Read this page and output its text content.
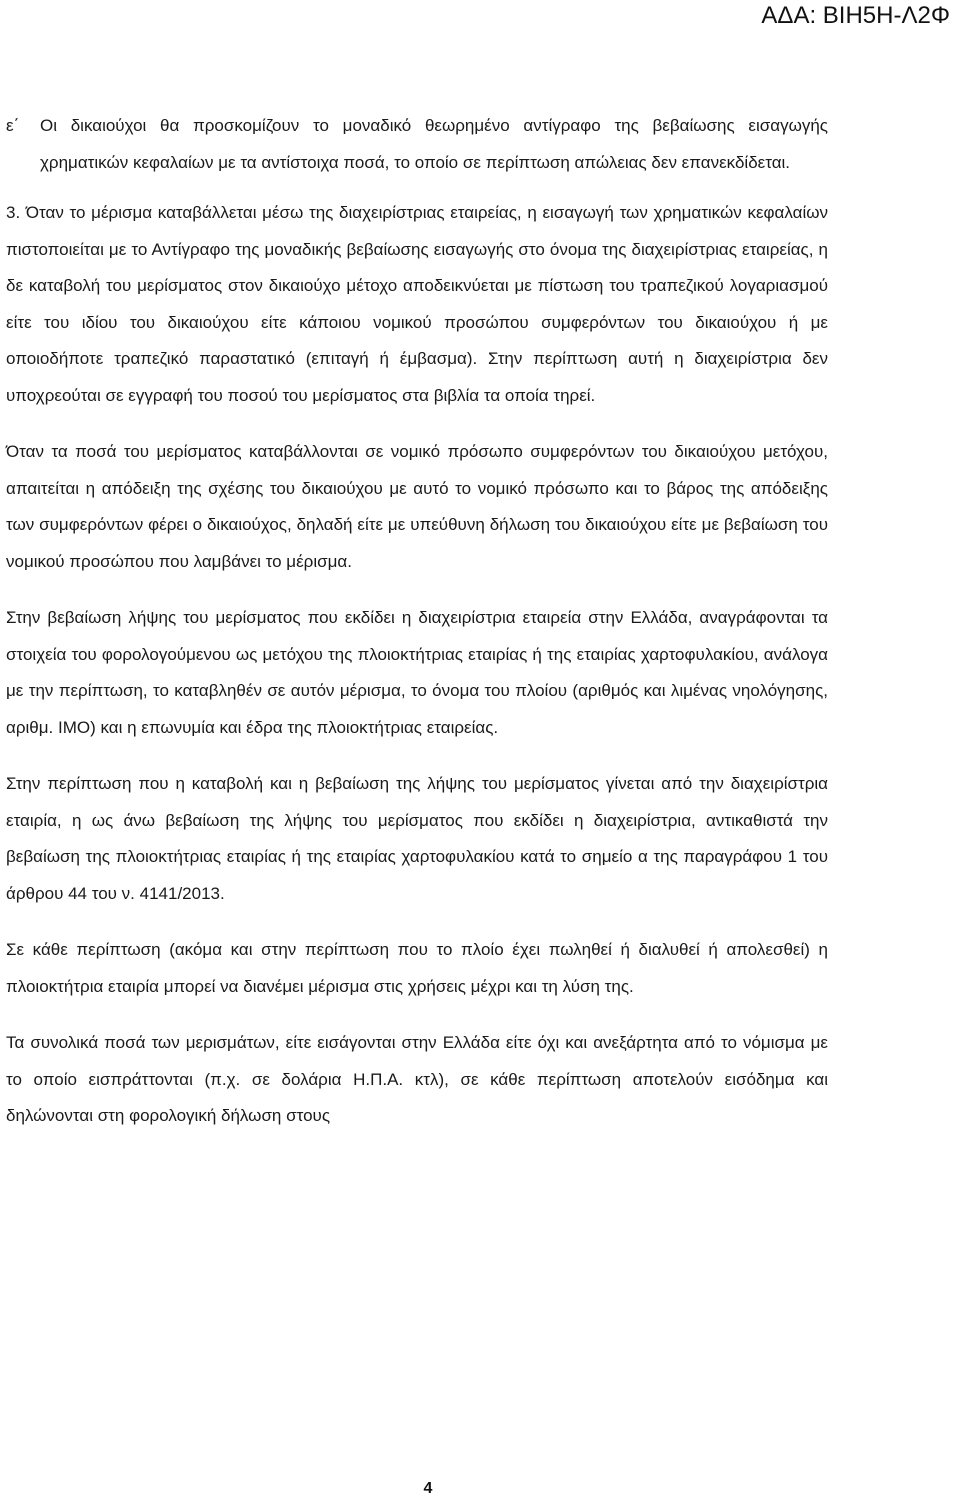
ΑΔΑ: ΒΙΗ5Η-Λ2Φ
ε΄	Οι δικαιούχοι θα προσκομίζουν το μοναδικό θεωρημένο αντίγραφο της βεβαίωσης εισαγωγής χρηματικών κεφαλαίων με τα αντίστοιχα ποσά, το οποίο σε περίπτωση απώλειας δεν επανεκδίδεται.

3. Όταν το μέρισμα καταβάλλεται μέσω της διαχειρίστριας εταιρείας, η εισαγωγή των χρηματικών κεφαλαίων πιστοποιείται με το Αντίγραφο της μοναδικής βεβαίωσης εισαγωγής στο όνομα της διαχειρίστριας εταιρείας, η δε καταβολή του μερίσματος στον δικαιούχο μέτοχο αποδεικνύεται με πίστωση του τραπεζικού λογαριασμού είτε του ιδίου του δικαιούχου είτε κάποιου νομικού προσώπου συμφερόντων του δικαιούχου ή με οποιοδήποτε τραπεζικό παραστατικό (επιταγή ή έμβασμα). Στην περίπτωση αυτή η διαχειρίστρια δεν υποχρεούται σε εγγραφή του ποσού του μερίσματος στα βιβλία τα οποία τηρεί.

Όταν τα ποσά του μερίσματος καταβάλλονται σε νομικό πρόσωπο συμφερόντων του δικαιούχου μετόχου, απαιτείται η απόδειξη της σχέσης του δικαιούχου με αυτό το νομικό πρόσωπο και το βάρος της απόδειξης των συμφερόντων φέρει ο δικαιούχος, δηλαδή είτε με υπεύθυνη δήλωση του δικαιούχου είτε με βεβαίωση του νομικού προσώπου που λαμβάνει το μέρισμα.

Στην βεβαίωση λήψης του μερίσματος που εκδίδει η διαχειρίστρια εταιρεία στην Ελλάδα, αναγράφονται τα στοιχεία του φορολογούμενου ως μετόχου της πλοιοκτήτριας εταιρίας ή της εταιρίας χαρτοφυλακίου, ανάλογα με την περίπτωση, το καταβληθέν σε αυτόν μέρισμα, το όνομα του πλοίου (αριθμός και λιμένας νηολόγησης, αριθμ. IMO) και η επωνυμία και έδρα της πλοιοκτήτριας εταιρείας.

Στην περίπτωση που η καταβολή και η βεβαίωση της λήψης του μερίσματος γίνεται από την διαχειρίστρια εταιρία, η ως άνω βεβαίωση της λήψης του μερίσματος που εκδίδει η διαχειρίστρια, αντικαθιστά την βεβαίωση της πλοιοκτήτριας εταιρίας ή της εταιρίας χαρτοφυλακίου κατά το σημείο α της παραγράφου 1 του άρθρου 44 του ν. 4141/2013.

Σε κάθε περίπτωση (ακόμα και στην περίπτωση που το πλοίο έχει πωληθεί ή διαλυθεί ή απολεσθεί) η πλοιοκτήτρια εταιρία μπορεί να διανέμει μέρισμα στις χρήσεις μέχρι και τη λύση της.

Τα συνολικά ποσά των μερισμάτων, είτε εισάγονται στην Ελλάδα είτε όχι και ανεξάρτητα από το νόμισμα με το οποίο εισπράττονται (π.χ. σε δολάρια Η.Π.Α. κτλ), σε κάθε περίπτωση αποτελούν εισόδημα και δηλώνονται στη φορολογική δήλωση στους

4
